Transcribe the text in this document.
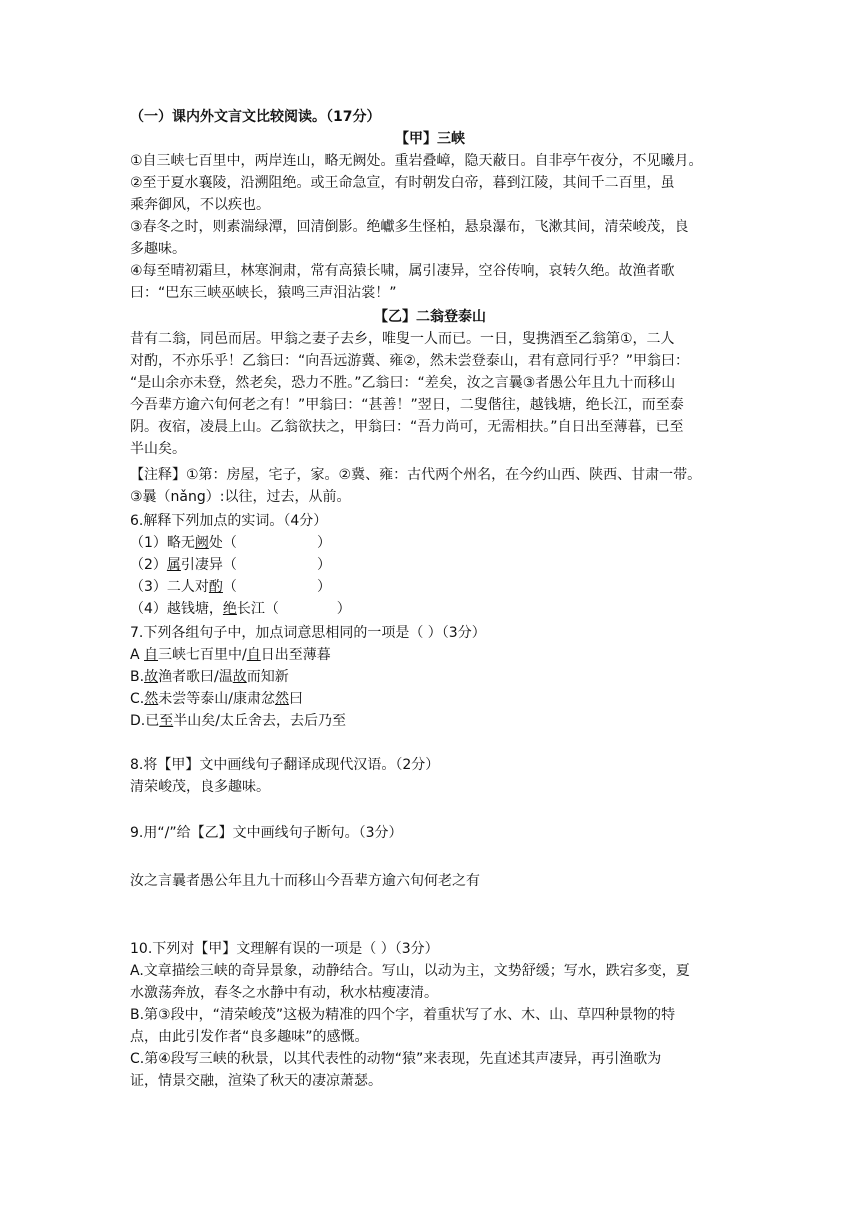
（一）课内外文言文比较阅读。（17分）
【甲】三峡
①自三峡七百里中，两岸连山，略无阙处。重岩叠嶂，隐天蔽日。自非亭午夜分，不见曦月。
②至于夏水襄陵，沿溯阻绝。或王命急宣，有时朝发白帝，暮到江陵，其间千二百里，虽
乘奔御风，不以疾也。
③春冬之时，则素湍绿潭，回清倒影。绝巘多生怪柏，悬泉瀑布，飞漱其间，清荣峻茂，良
多趣味。
④每至晴初霜旦，林寒涧肃，常有高猿长啸，属引凄异，空谷传响，哀转久绝。故渔者歌
曰：“巴东三峡巫峡长，猿鸣三声泪沾裳！”
【乙】二翁登泰山
昔有二翁，同邑而居。甲翁之妻子去乡，唯叟一人而已。一日，叟携酒至乙翁第①，二人
对酌，不亦乐乎！乙翁曰：“向吾远游冀、雍②，然未尝登泰山，君有意同行乎？”甲翁曰：
“是山余亦未登，然老矣，恐力不胜。”乙翁曰：“差矣，汝之言曩③者愚公年且九十而移山
今吾辈方逾六旬何老之有！”甲翁曰：“甚善！”翌日，二叟偕往，越钱塘，绝长江，而至泰
阴。夜宿，凌晨上山。乙翁欲扶之，甲翁曰：“吾力尚可，无需相扶。”自日出至薄暮，已至
半山矣。
【注释】①第：房屋，宅子，家。②冀、雍：古代两个州名，在今约山西、陕西、甘肃一带。
③曩（nǎng）:以往，过去，从前。
6.解释下列加点的实词。（4分）
（1）略无阙处（	）
（2）属引凄异（	）
（3）二人对酌（	）
（4）越钱塘，绝长江（	）
7.下列各组句子中，加点词意思相同的一项是（ ）（3分）
A 自三峡七百里中/自日出至薄暮
B.故渔者歌曰/温故而知新
C.然未尝等泰山/康肃忿然曰
D.已至半山矣/太丘舍去，去后乃至
8.将【甲】文中画线句子翻译成现代汉语。（2分）
清荣峻茂，良多趣味。
9.用“/”给【乙】文中画线句子断句。（3分）
汝之言曩者愚公年且九十而移山今吾辈方逾六旬何老之有
10.下列对【甲】文理解有误的一项是（ ）（3分）
A.文章描绘三峡的奇异景象，动静结合。写山，以动为主，文势舒缓；写水，跌宕多变，夏
水激荡奔放，春冬之水静中有动，秋水枯瘦凄清。
B.第③段中，“清荣峻茂”这极为精准的四个字，着重状写了水、木、山、草四种景物的特
点，由此引发作者“良多趣味”的感慨。
C.第④段写三峡的秋景，以其代表性的动物“猿”来表现，先直述其声凄异，再引渔歌为
证，情景交融，渲染了秋天的凄凉萧瑟。
